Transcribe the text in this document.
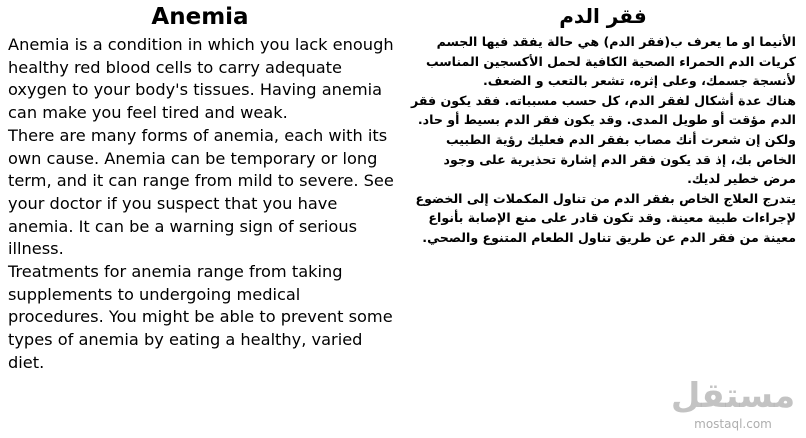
Anemia

Anemia is a condition in which you lack enough healthy red blood cells to carry adequate oxygen to your body's tissues. Having anemia can make you feel tired and weak.

There are many forms of anemia, each with its own cause. Anemia can be temporary or long term, and it can range from mild to severe. See your doctor if you suspect that you have anemia. It can be a warning sign of serious illness.

Treatments for anemia range from taking supplements to undergoing medical procedures. You might be able to prevent some types of anemia by eating a healthy, varied diet.

فقر الدم

الأنيما او ما يعرف ب(فقر الدم) هي حالة يفقد فيها الجسم كريات الدم الحمراء الصحية الكافية لحمل الأكسجين المناسب لأنسجة جسمك، وعلى إثره، تشعر بالتعب و الضعف.

هناك عدة أشكال لفقر الدم، كل حسب مسبباته. فقد يكون فقر الدم مؤقت أو طويل المدى. وقد يكون فقر الدم بسيط أو حاد. ولكن إن شعرت أنك مصاب بفقر الدم فعليك رؤية الطبيب الخاص بك، إذ قد يكون فقر الدم إشارة تحذيرية على وجود مرض خطير لديك.

يتدرج العلاج الخاص بفقر الدم من تناول المكملات إلى الخضوع لإجراءات طبية معينة. وقد تكون قادر على منع الإصابة بأنواع معينة من فقر الدم عن طريق تناول الطعام المتنوع والصحي.

مستقل
mostaql.com
